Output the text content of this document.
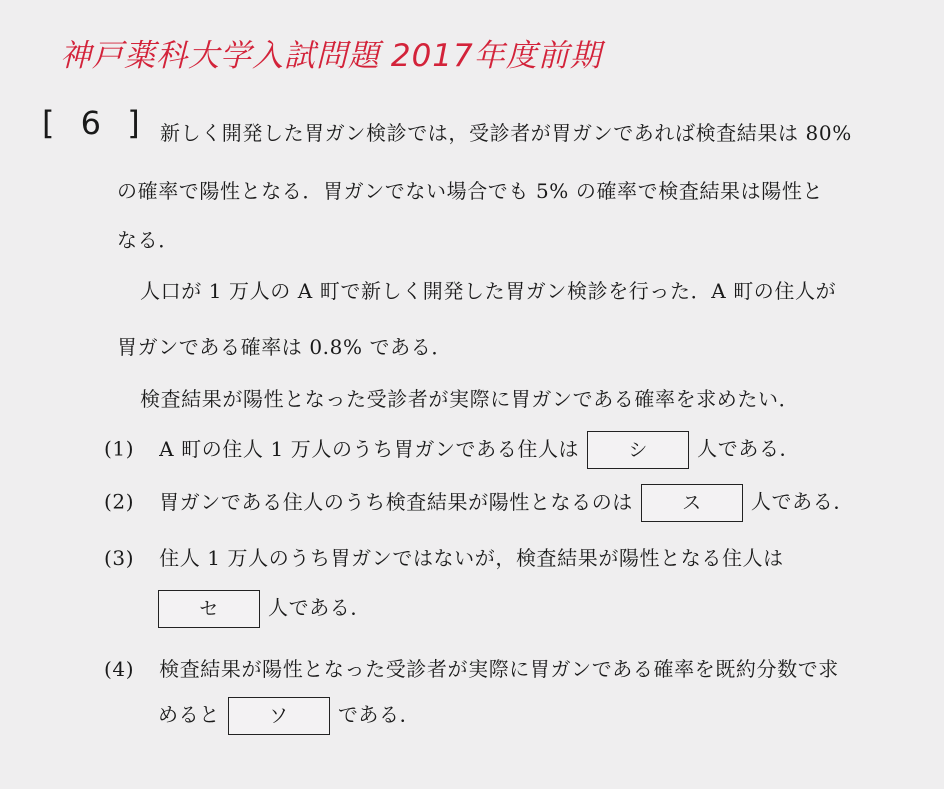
神戸薬科大学入試問題 2017年度前期
[ 6 ] 新しく開発した胃ガン検診では，受診者が胃ガンであれば検査結果は 80%
の確率で陽性となる．胃ガンでない場合でも 5% の確率で検査結果は陽性と
なる．
人口が 1 万人の A 町で新しく開発した胃ガン検診を行った．A 町の住人が
胃ガンである確率は 0.8% である．
検査結果が陽性となった受診者が実際に胃ガンである確率を求めたい．
(1) A 町の住人 1 万人のうち胃ガンである住人は	シ 人である．
(2) 胃ガンである住人のうち検査結果が陽性となるのは	ス 人である．
(3) 住人 1 万人のうち胃ガンではないが，検査結果が陽性となる住人は
セ 人である．
(4) 検査結果が陽性となった受診者が実際に胃ガンである確率を既約分数で求
めると	ソ である．
